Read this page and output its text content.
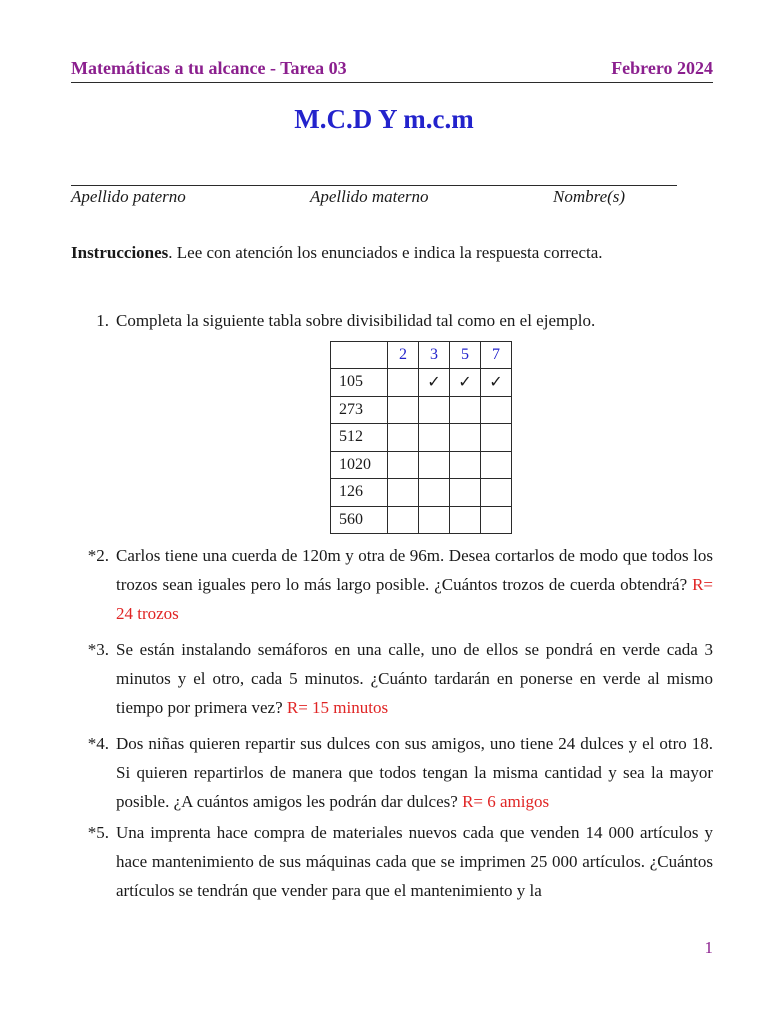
Matemáticas a tu alcance - Tarea 03	Febrero 2024
M.C.D Y m.c.m
Apellido paterno	Apellido materno	Nombre(s)
Instrucciones. Lee con atención los enunciados e indica la respuesta correcta.
1. Completa la siguiente tabla sobre divisibilidad tal como en el ejemplo.
	2	3	5	7
105		✓	✓	✓
273				
512				
1020				
126				
560				
*2. Carlos tiene una cuerda de 120m y otra de 96m. Desea cortarlos de modo que todos los trozos sean iguales pero lo más largo posible. ¿Cuántos trozos de cuerda obtendrá? R= 24 trozos
*3. Se están instalando semáforos en una calle, uno de ellos se pondrá en verde cada 3 minutos y el otro, cada 5 minutos. ¿Cuánto tardarán en ponerse en verde al mismo tiempo por primera vez? R= 15 minutos
*4. Dos niñas quieren repartir sus dulces con sus amigos, uno tiene 24 dulces y el otro 18. Si quieren repartirlos de manera que todos tengan la misma cantidad y sea la mayor posible. ¿A cuántos amigos les podrán dar dulces? R= 6 amigos
*5. Una imprenta hace compra de materiales nuevos cada que venden 14 000 artículos y hace mantenimiento de sus máquinas cada que se imprimen 25 000 artículos. ¿Cuántos artículos se tendrán que vender para que el mantenimiento y la
1
